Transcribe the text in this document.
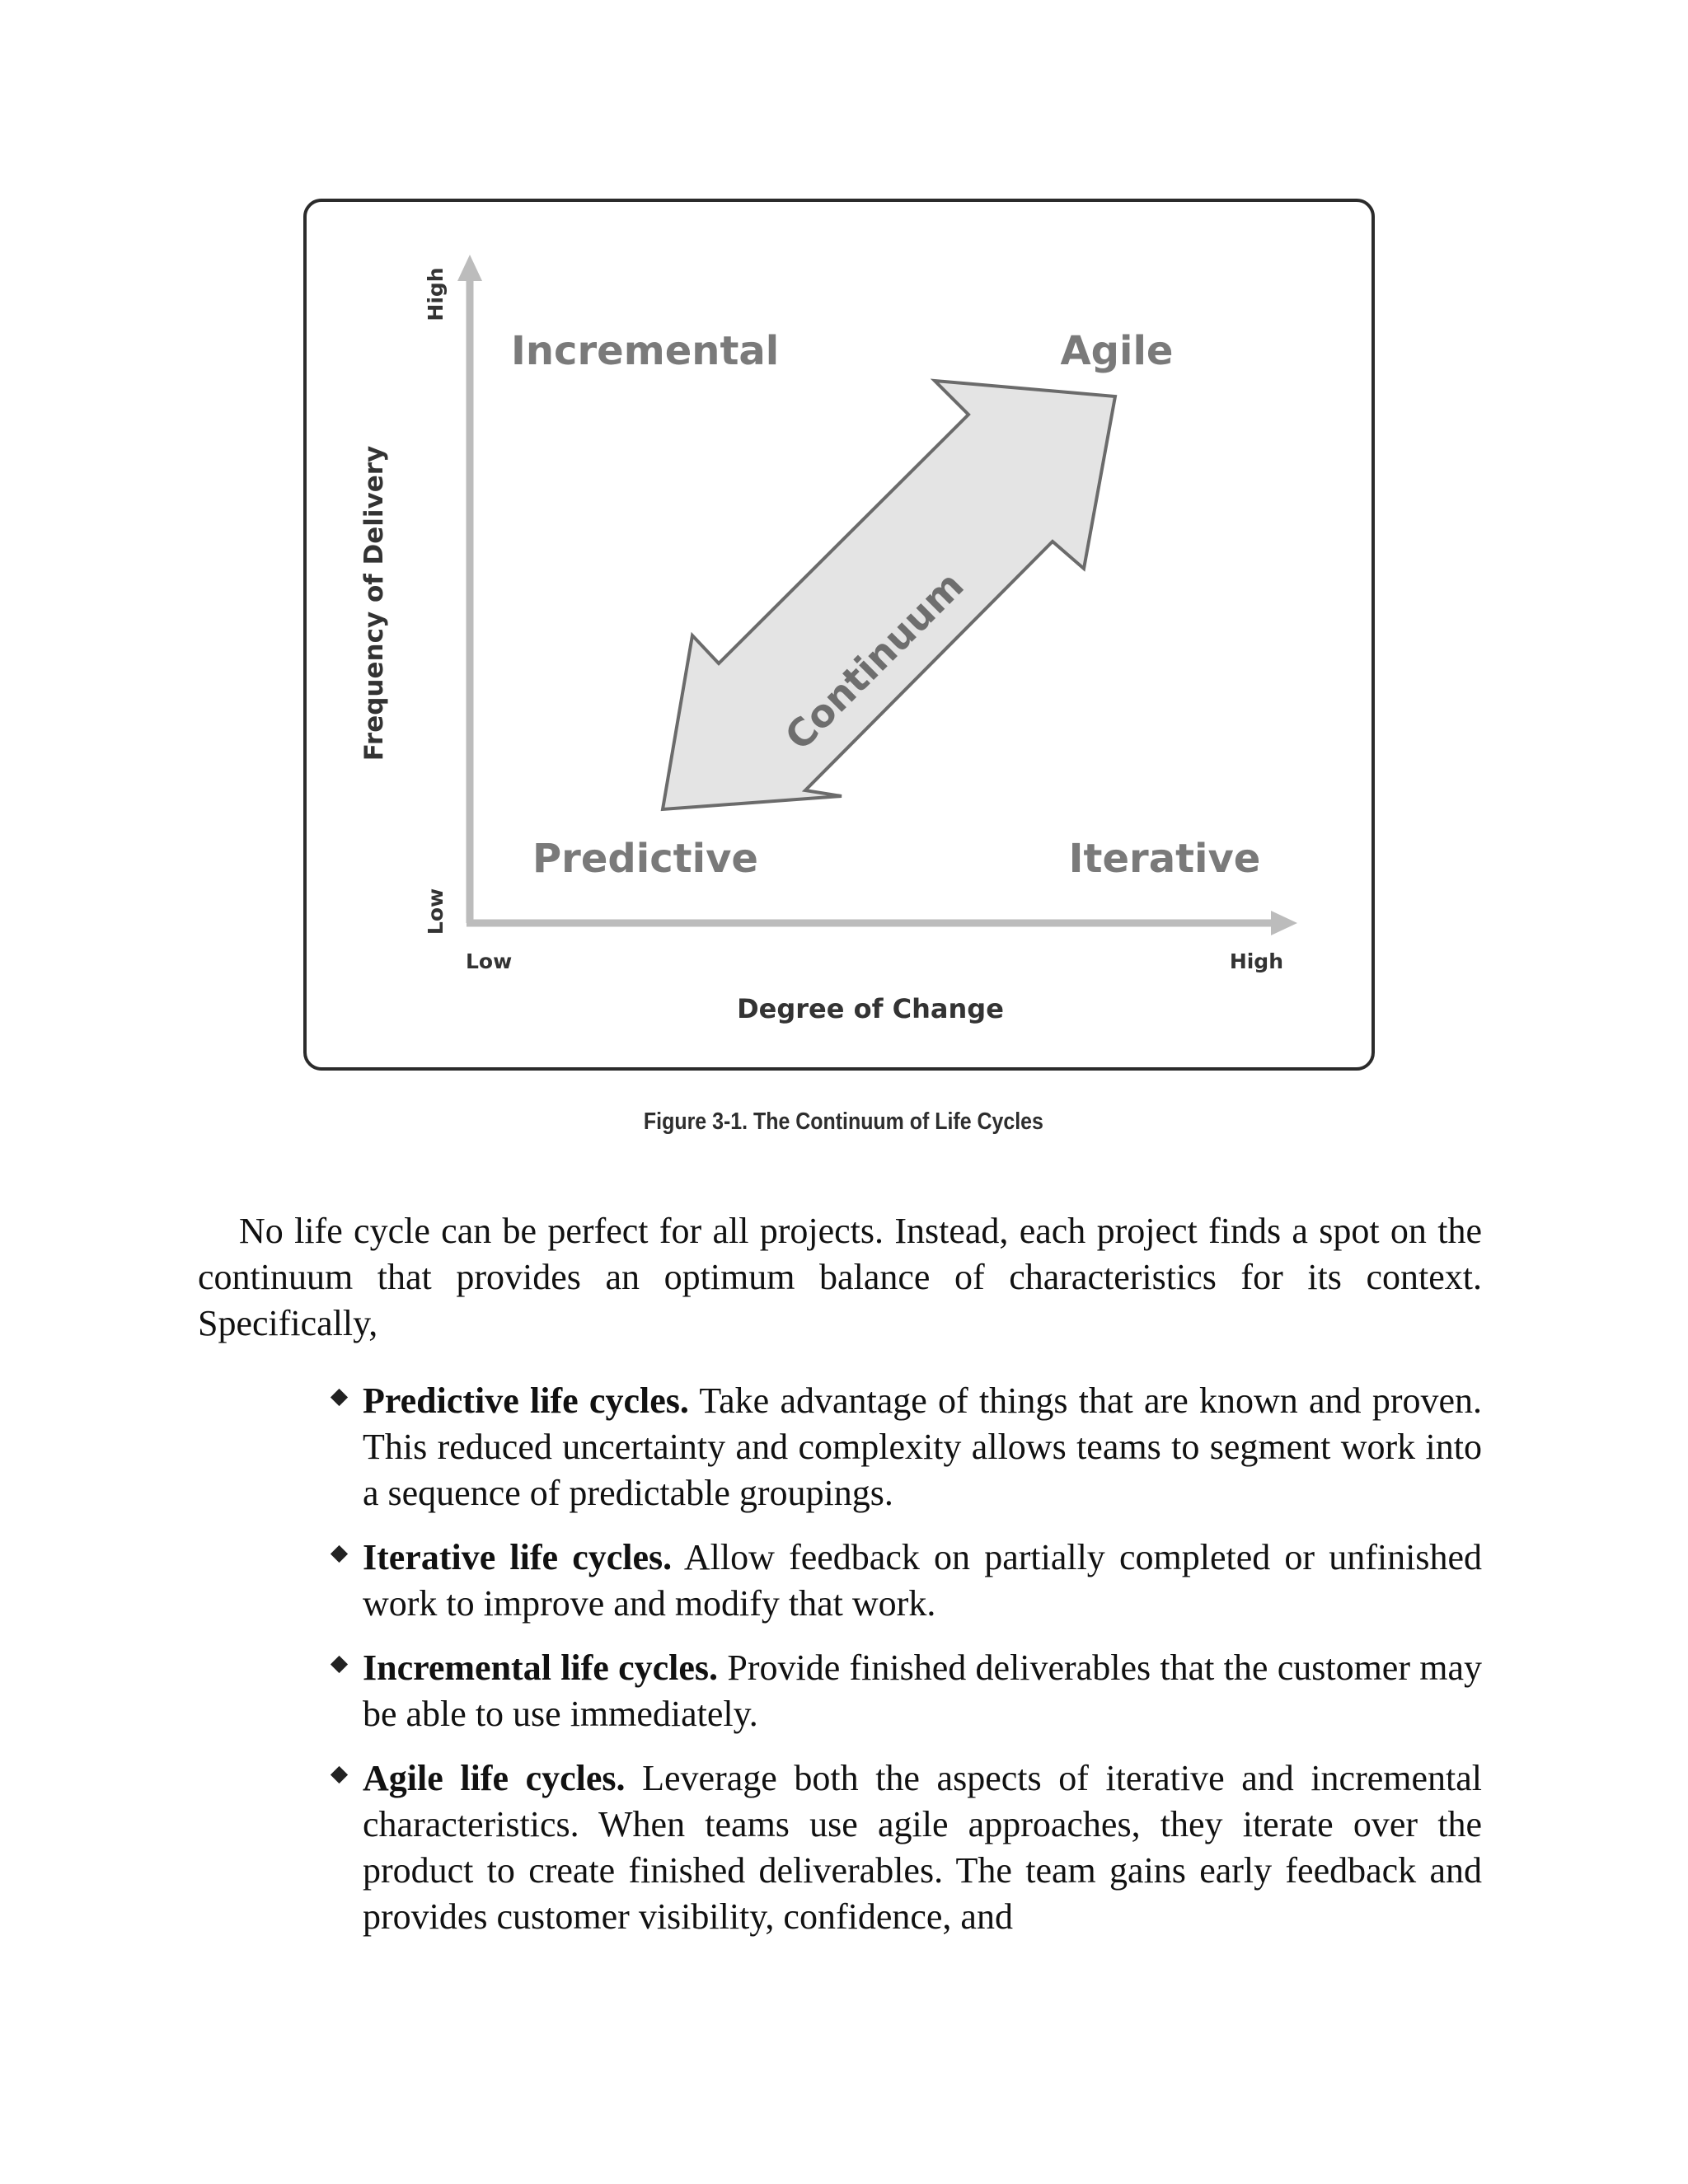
Continuum
Incremental	Agile
Predictive	Iterative
Frequency of Delivery
High
Low
Low	High
Degree of Change
Figure 3-1. The Continuum of Life Cycles

No life cycle can be perfect for all projects. Instead, each project finds a spot on the continuum that provides an optimum balance of characteristics for its context. Specifically,

Predictive life cycles. Take advantage of things that are known and proven. This reduced uncertainty and complexity allows teams to segment work into a sequence of predictable groupings.
Iterative life cycles. Allow feedback on partially completed or unfinished work to improve and modify that work.
Incremental life cycles. Provide finished deliverables that the customer may be able to use immediately.
Agile life cycles. Leverage both the aspects of iterative and incremental characteristics. When teams use agile approaches, they iterate over the product to create finished deliverables. The team gains early feedback and provides customer visibility, confidence, and
